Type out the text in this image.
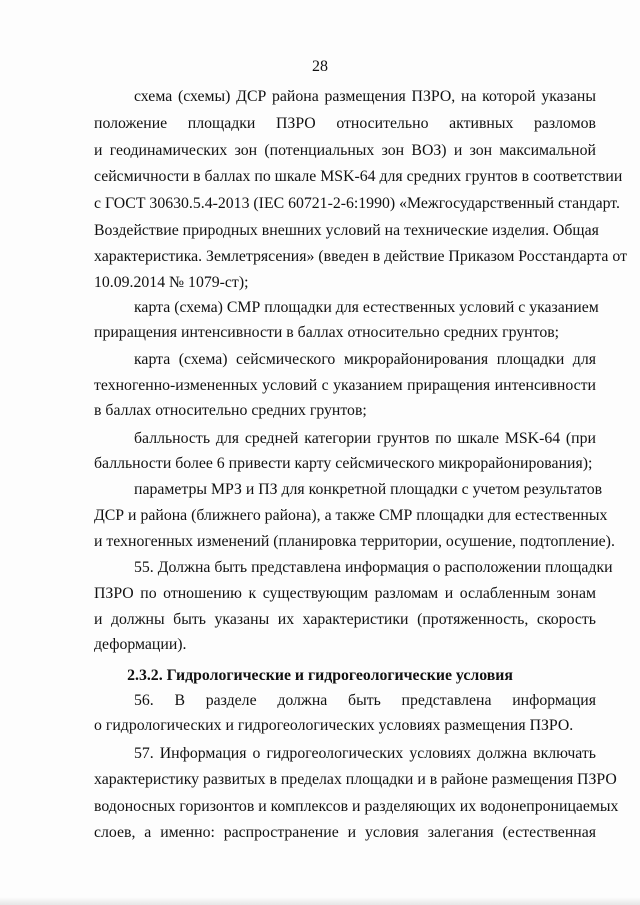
28
схема (схемы) ДСР района размещения ПЗРО, на которой указаны
положение площадки ПЗРО относительно активных разломов
и геодинамических зон (потенциальных зон ВОЗ) и зон максимальной
сейсмичности в баллах по шкале MSK-64 для средних грунтов в соответствии
с ГОСТ 30630.5.4-2013 (IEC 60721-2-6:1990) «Межгосударственный стандарт.
Воздействие природных внешних условий на технические изделия. Общая
характеристика. Землетрясения» (введен в действие Приказом Росстандарта от
10.09.2014 № 1079-ст);
карта (схема) СМР площадки для естественных условий с указанием
приращения интенсивности в баллах относительно средних грунтов;
карта (схема) сейсмического микрорайонирования площадки для
техногенно-измененных условий с указанием приращения интенсивности
в баллах относительно средних грунтов;
балльность для средней категории грунтов по шкале MSK-64 (при
балльности более 6 привести карту сейсмического микрорайонирования);
параметры МРЗ и ПЗ для конкретной площадки с учетом результатов
ДСР и района (ближнего района), а также СМР площадки для естественных
и техногенных изменений (планировка территории, осушение, подтопление).
55. Должна быть представлена информация о расположении площадки
ПЗРО по отношению к существующим разломам и ослабленным зонам
и должны быть указаны их характеристики (протяженность, скорость
деформации).
2.3.2. Гидрологические и гидрогеологические условия
56. В разделе должна быть представлена информация
о гидрологических и гидрогеологических условиях размещения ПЗРО.
57. Информация о гидрогеологических условиях должна включать
характеристику развитых в пределах площадки и в районе размещения ПЗРО
водоносных горизонтов и комплексов и разделяющих их водонепроницаемых
слоев, а именно: распространение и условия залегания (естественная
